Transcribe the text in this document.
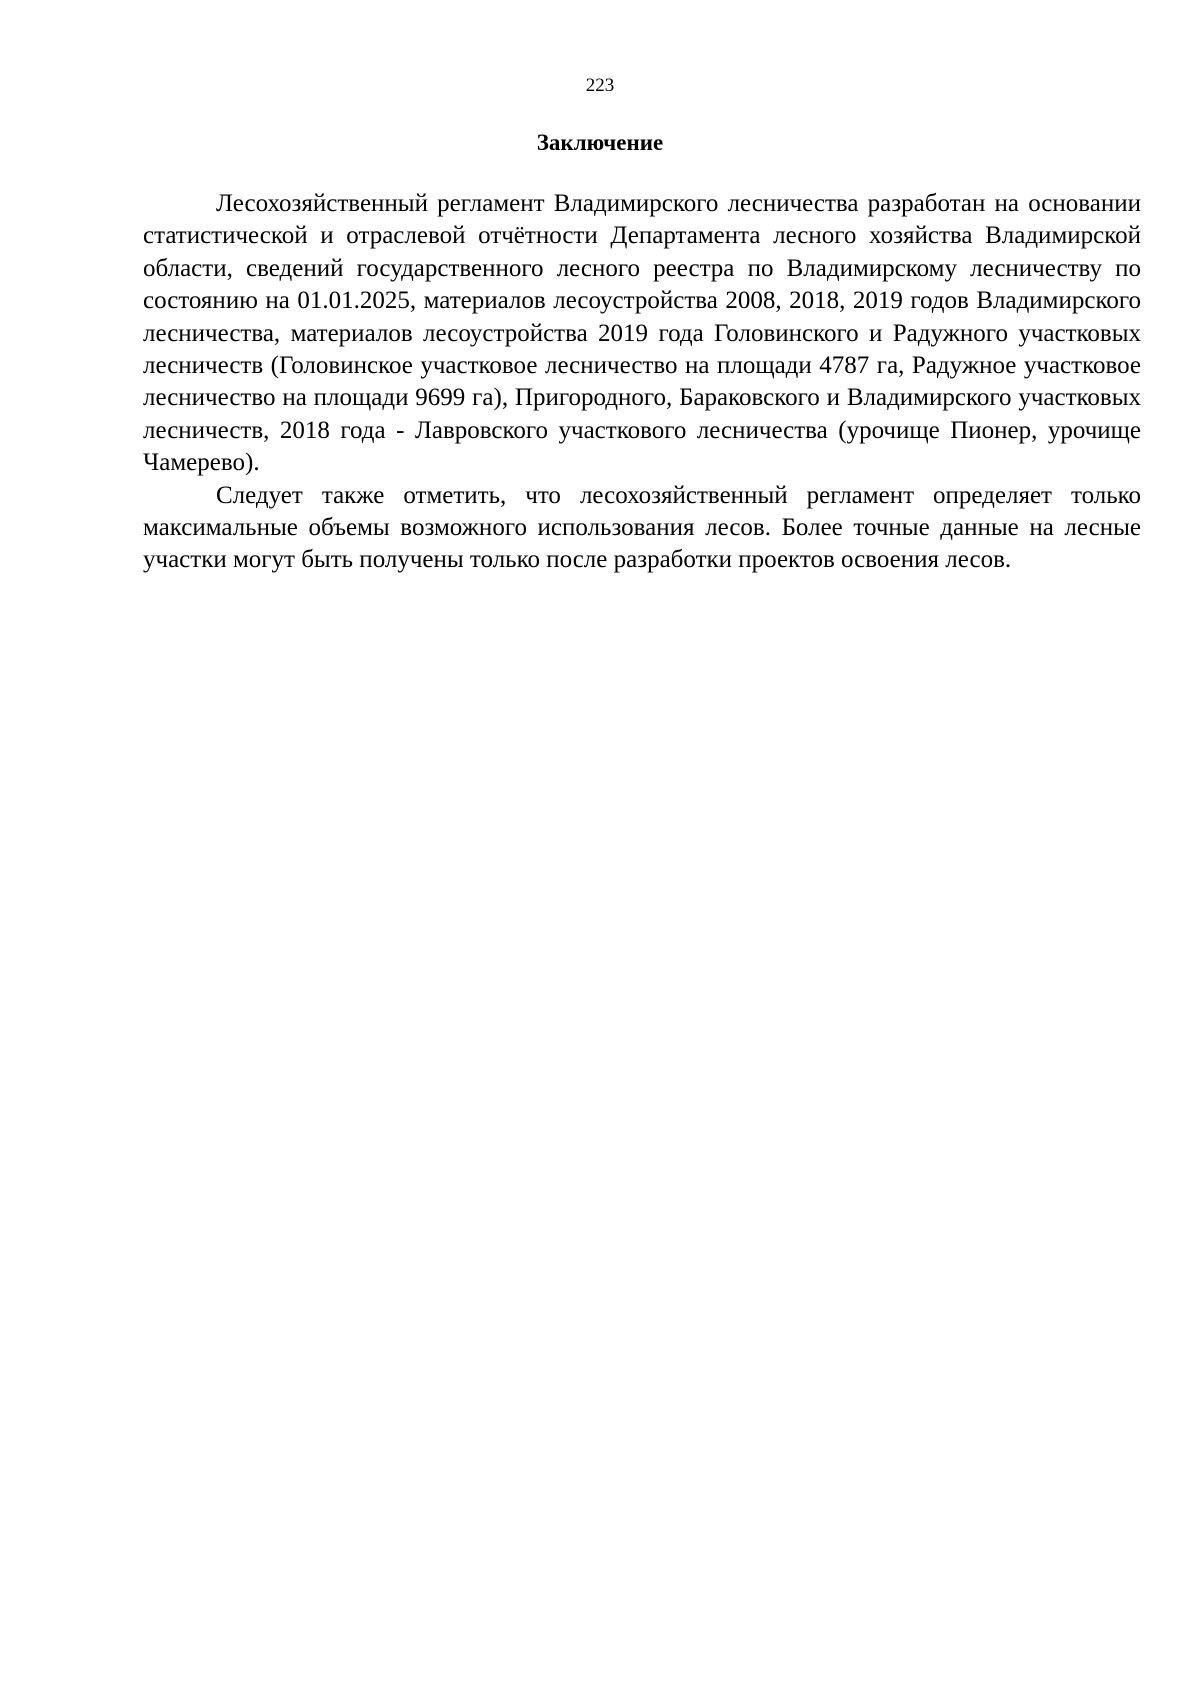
223
Заключение

Лесохозяйственный регламент Владимирского лесничества разработан на основании статистической и отраслевой отчётности Департамента лесного хозяйства Владимирской области, сведений государственного лесного реестра по Владимирскому лесничеству по состоянию на 01.01.2025, материалов лесоустройства 2008, 2018, 2019 годов Владимирского лесничества, материалов лесоустройства 2019 года Головинского и Радужного участковых лесничеств (Головинское участковое лесничество на площади 4787 га, Радужное участковое лесничество на площади 9699 га), Пригородного, Бараковского и Владимирского участковых лесничеств, 2018 года - Лавровского участкового лесничества (урочище Пионер, урочище Чамерево).

Следует также отметить, что лесохозяйственный регламент определяет только максимальные объемы возможного использования лесов. Более точные данные на лесные участки могут быть получены только после разработки проектов освоения лесов.
